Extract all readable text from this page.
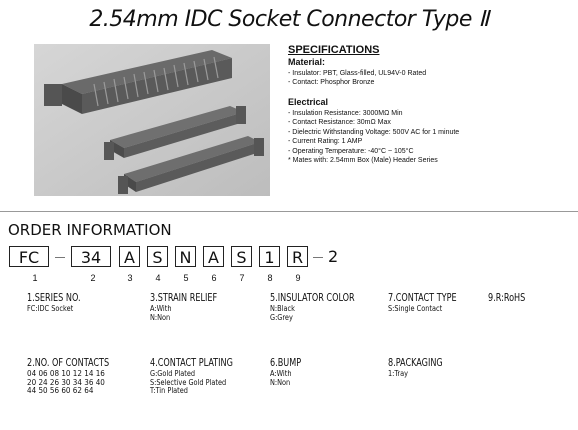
2.54mm IDC Socket Connector Type Ⅱ
SPECIFICATIONS
Material:
- Insulator: PBT, Glass-filled, UL94V-0 Rated
- Contact: Phosphor Bronze
Electrical
- Insulation Resistance: 3000MΩ Min
- Contact Resistance: 30mΩ Max
- Dielectric Withstanding Voltage: 500V AC for 1 minute
- Current Rating: 1 AMP
- Operating Temperature: -40°C ~ 105°C
* Mates with: 2.54mm Box (Male) Header Series
ORDER INFORMATION
FC	34	A	S	N	A	S	1	R	2
1	2	3	4	5	6	7	8	9
1.SERIES NO.
FC:IDC Socket
3.STRAIN RELIEF
A:With
N:Non
5.INSULATOR COLOR
N:Black
G:Grey
7.CONTACT TYPE
S:Single Contact
9.R:RoHS
2.NO. OF CONTACTS
04 06 08 10 12 14 16
20 24 26 30 34 36 40
44 50 56 60 62 64
4.CONTACT PLATING
G:Gold Plated
S:Selective Gold Plated
T:Tin Plated
6.BUMP
A:With
N:Non
8.PACKAGING
1:Tray
